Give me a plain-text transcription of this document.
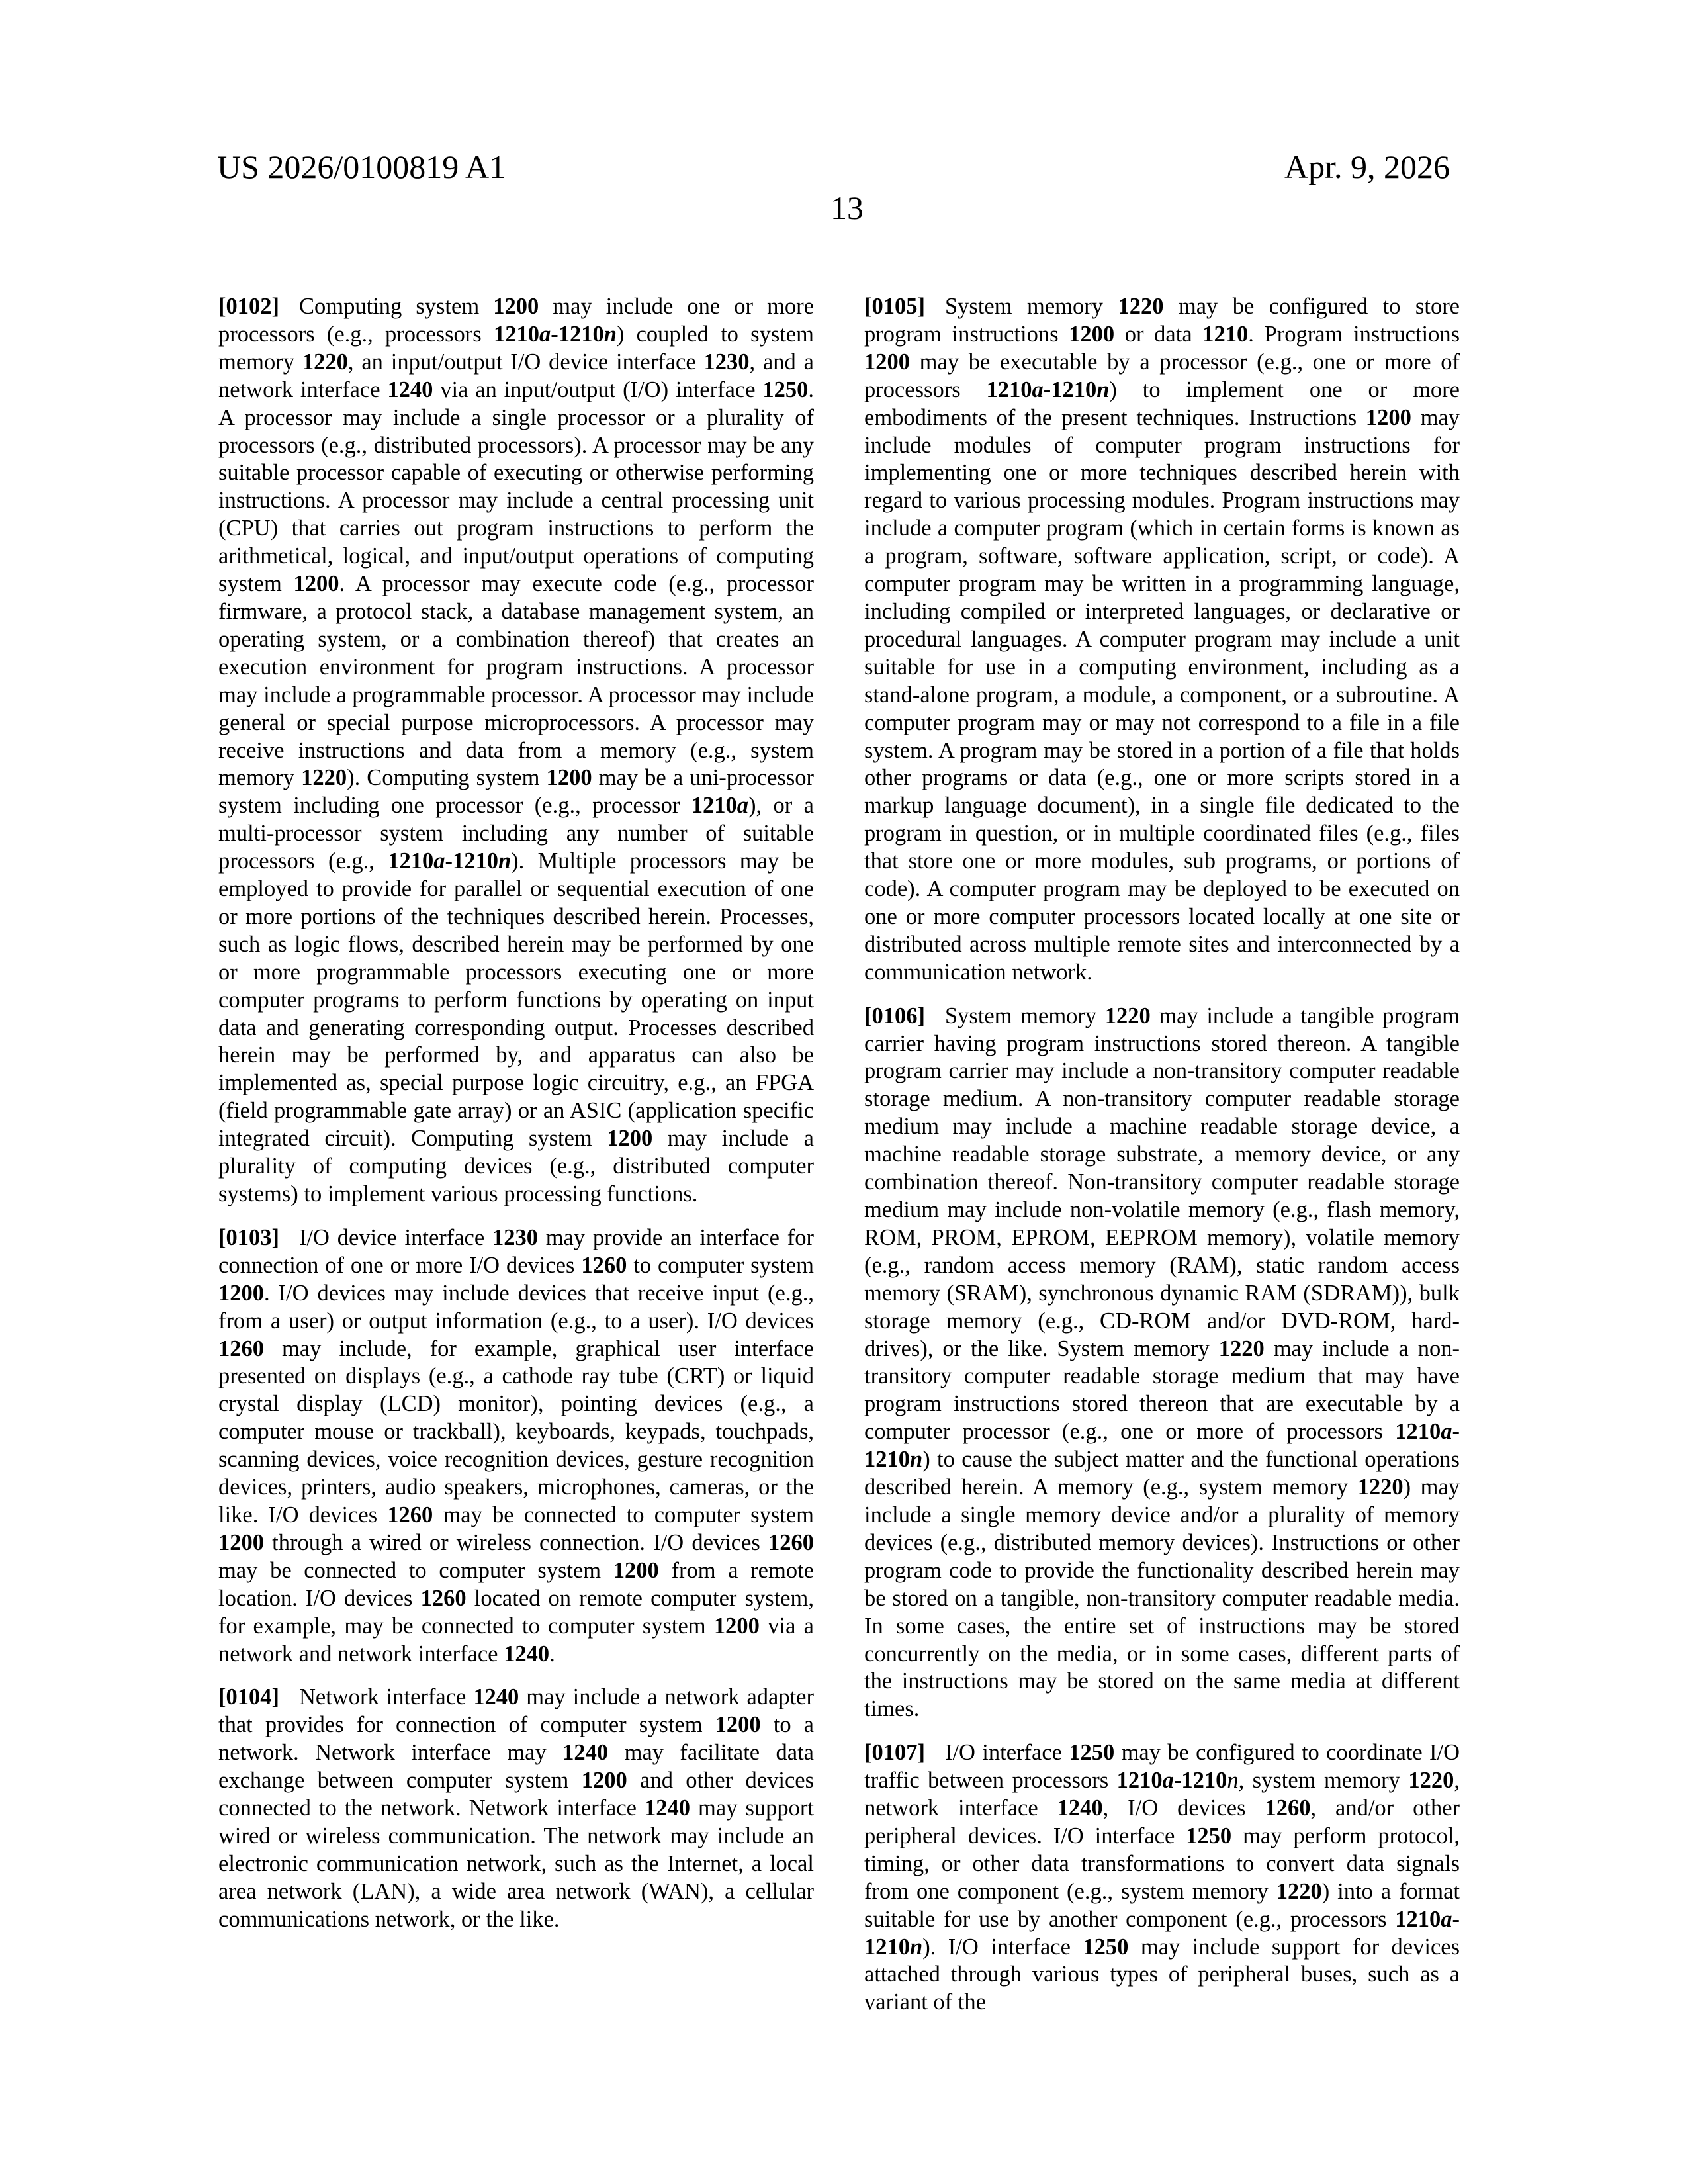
US 2026/0100819 A1	Apr. 9, 2026
13

[0102] Computing system 1200 may include one or more processors (e.g., processors 1210a-1210n) coupled to system memory 1220, an input/output I/O device interface 1230, and a network interface 1240 via an input/output (I/O) interface 1250. A processor may include a single processor or a plurality of processors (e.g., distributed processors). A processor may be any suitable processor capable of executing or otherwise performing instructions. A processor may include a central processing unit (CPU) that carries out program instructions to perform the arithmetical, logical, and input/output operations of computing system 1200. A processor may execute code (e.g., processor firmware, a protocol stack, a database management system, an operating system, or a combination thereof) that creates an execution environment for program instructions. A processor may include a programmable processor. A processor may include general or special purpose microprocessors. A processor may receive instructions and data from a memory (e.g., system memory 1220). Computing system 1200 may be a uni-processor system including one processor (e.g., processor 1210a), or a multi-processor system including any number of suitable processors (e.g., 1210a-1210n). Multiple processors may be employed to provide for parallel or sequential execution of one or more portions of the techniques described herein. Processes, such as logic flows, described herein may be performed by one or more programmable processors executing one or more computer programs to perform functions by operating on input data and generating corresponding output. Processes described herein may be performed by, and apparatus can also be implemented as, special purpose logic circuitry, e.g., an FPGA (field programmable gate array) or an ASIC (application specific integrated circuit). Computing system 1200 may include a plurality of computing devices (e.g., distributed computer systems) to implement various processing functions.

[0103] I/O device interface 1230 may provide an interface for connection of one or more I/O devices 1260 to computer system 1200. I/O devices may include devices that receive input (e.g., from a user) or output information (e.g., to a user). I/O devices 1260 may include, for example, graphical user interface presented on displays (e.g., a cathode ray tube (CRT) or liquid crystal display (LCD) monitor), pointing devices (e.g., a computer mouse or trackball), keyboards, keypads, touchpads, scanning devices, voice recognition devices, gesture recognition devices, printers, audio speakers, microphones, cameras, or the like. I/O devices 1260 may be connected to computer system 1200 through a wired or wireless connection. I/O devices 1260 may be connected to computer system 1200 from a remote location. I/O devices 1260 located on remote computer system, for example, may be connected to computer system 1200 via a network and network interface 1240.

[0104] Network interface 1240 may include a network adapter that provides for connection of computer system 1200 to a network. Network interface may 1240 may facilitate data exchange between computer system 1200 and other devices connected to the network. Network interface 1240 may support wired or wireless communication. The network may include an electronic communication network, such as the Internet, a local area network (LAN), a wide area network (WAN), a cellular communications network, or the like.

[0105] System memory 1220 may be configured to store program instructions 1200 or data 1210. Program instructions 1200 may be executable by a processor (e.g., one or more of processors 1210a-1210n) to implement one or more embodiments of the present techniques. Instructions 1200 may include modules of computer program instructions for implementing one or more techniques described herein with regard to various processing modules. Program instructions may include a computer program (which in certain forms is known as a program, software, software application, script, or code). A computer program may be written in a programming language, including compiled or interpreted languages, or declarative or procedural languages. A computer program may include a unit suitable for use in a computing environment, including as a stand-alone program, a module, a component, or a subroutine. A computer program may or may not correspond to a file in a file system. A program may be stored in a portion of a file that holds other programs or data (e.g., one or more scripts stored in a markup language document), in a single file dedicated to the program in question, or in multiple coordinated files (e.g., files that store one or more modules, sub programs, or portions of code). A computer program may be deployed to be executed on one or more computer processors located locally at one site or distributed across multiple remote sites and interconnected by a communication network.

[0106] System memory 1220 may include a tangible program carrier having program instructions stored thereon. A tangible program carrier may include a non-transitory computer readable storage medium. A non-transitory computer readable storage medium may include a machine readable storage device, a machine readable storage substrate, a memory device, or any combination thereof. Non-transitory computer readable storage medium may include non-volatile memory (e.g., flash memory, ROM, PROM, EPROM, EEPROM memory), volatile memory (e.g., random access memory (RAM), static random access memory (SRAM), synchronous dynamic RAM (SDRAM)), bulk storage memory (e.g., CD-ROM and/or DVD-ROM, hard-drives), or the like. System memory 1220 may include a non-transitory computer readable storage medium that may have program instructions stored thereon that are executable by a computer processor (e.g., one or more of processors 1210a-1210n) to cause the subject matter and the functional operations described herein. A memory (e.g., system memory 1220) may include a single memory device and/or a plurality of memory devices (e.g., distributed memory devices). Instructions or other program code to provide the functionality described herein may be stored on a tangible, non-transitory computer readable media. In some cases, the entire set of instructions may be stored concurrently on the media, or in some cases, different parts of the instructions may be stored on the same media at different times.

[0107] I/O interface 1250 may be configured to coordinate I/O traffic between processors 1210a-1210n, system memory 1220, network interface 1240, I/O devices 1260, and/or other peripheral devices. I/O interface 1250 may perform protocol, timing, or other data transformations to convert data signals from one component (e.g., system memory 1220) into a format suitable for use by another component (e.g., processors 1210a-1210n). I/O interface 1250 may include support for devices attached through various types of peripheral buses, such as a variant of the
